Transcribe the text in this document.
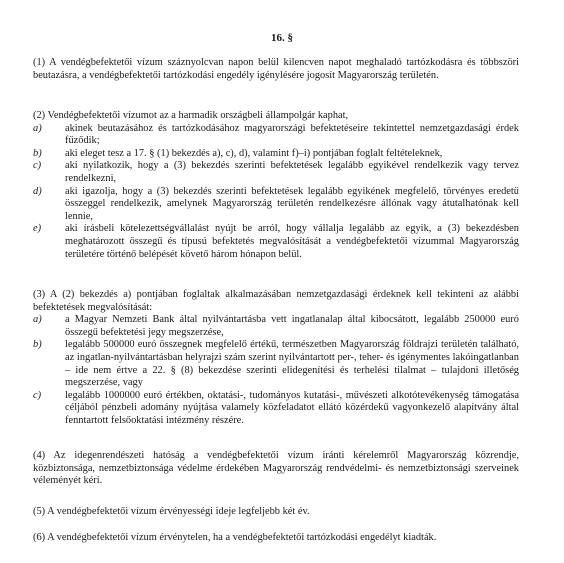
16. §

(1) A vendégbefektetői vízum száznyolcvan napon belül kilencven napot meghaladó tartózkodásra és többszöri beutazásra, a vendégbefektetői tartózkodási engedély igénylésére jogosít Magyarország területén.

(2) Vendégbefektetői vízumot az a harmadik országbeli állampolgár kaphat,

a) akinek beutazásához és tartózkodásához magyarországi befektetéseire tekintettel nemzetgazdasági érdek fűződik;
b) aki eleget tesz a 17. § (1) bekezdés a), c), d), valamint f)–i) pontjában foglalt feltételeknek,
c) aki nyilatkozik, hogy a (3) bekezdés szerinti befektetések legalább egyikével rendelkezik vagy tervez rendelkezni,
d) aki igazolja, hogy a (3) bekezdés szerinti befektetések legalább egyikének megfelelő, törvényes eredetű összeggel rendelkezik, amelynek Magyarország területén rendelkezésre állónak vagy átutalhatónak kell lennie,
e) aki írásbeli kötelezettségvállalást nyújt be arról, hogy vállalja legalább az egyik, a (3) bekezdésben meghatározott összegű és típusú befektetés megvalósítását a vendégbefektetői vízummal Magyarország területére történő belépését követő három hónapon belül.

(3) A (2) bekezdés a) pontjában foglaltak alkalmazásában nemzetgazdasági érdeknek kell tekinteni az alábbi befektetések megvalósítását:

a) a Magyar Nemzeti Bank által nyilvántartásba vett ingatlanalap által kibocsátott, legalább 250000 euró összegű befektetési jegy megszerzése,
b) legalább 500000 euró összegnek megfelelő értékű, természetben Magyarország földrajzi területén található, az ingatlan-nyilvántartásban helyrajzi szám szerint nyilvántartott per-, teher- és igénymentes lakóingatlanban – ide nem értve a 22. § (8) bekezdése szerinti elidegenítési és terhelési tilalmat – tulajdoni illetőség megszerzése, vagy
c) legalább 1000000 euró értékben, oktatási-, tudományos kutatási-, művészeti alkotótevékenység támogatása céljából pénzbeli adomány nyújtása valamely közfeladatot ellátó közérdekű vagyonkezelő alapítvány által fenntartott felsőoktatási intézmény részére.

(4) Az idegenrendészeti hatóság a vendégbefektetői vízum iránti kérelemről Magyarország közrendje, közbiztonsága, nemzetbiztonsága védelme érdekében Magyarország rendvédelmi- és nemzetbiztonsági szerveinek véleményét kéri.

(5) A vendégbefektetői vízum érvényességi ideje legfeljebb két év.

(6) A vendégbefektetői vízum érvénytelen, ha a vendégbefektetői tartózkodási engedélyt kiadták.
